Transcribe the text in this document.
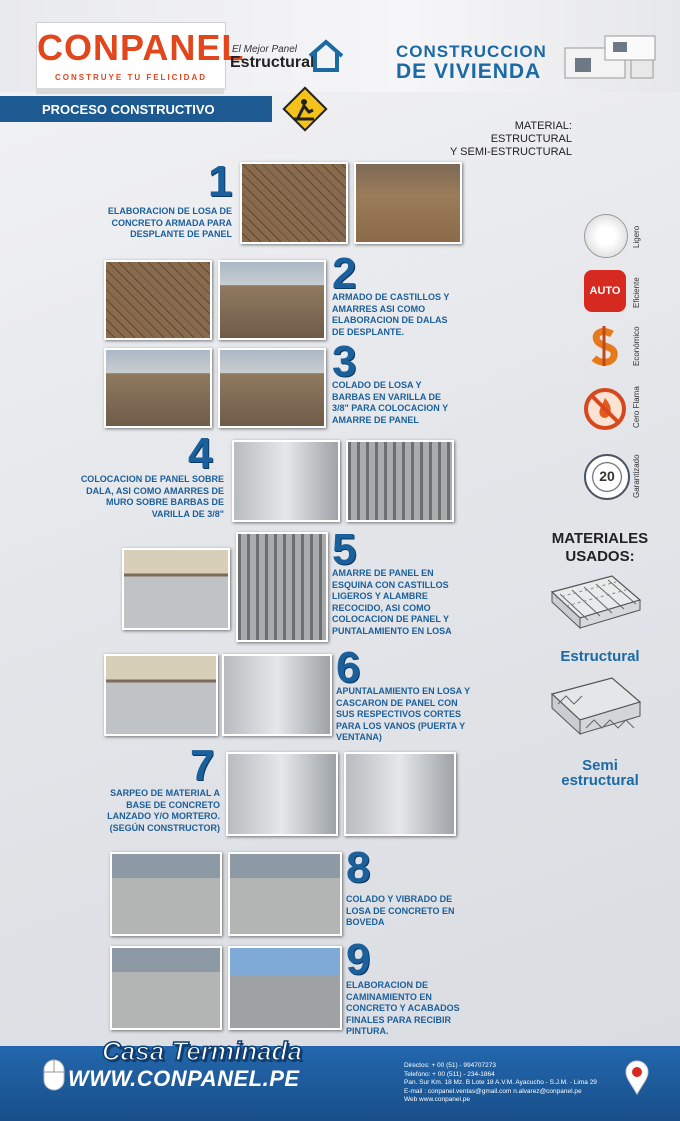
CONPANEL
CONSTRUYE TU FELICIDAD
El Mejor Panel
Estructural
CONSTRUCCION
DE VIVIENDA
PROCESO CONSTRUCTIVO
MATERIAL:
ESTRUCTURAL
Y SEMI-ESTRUCTURAL
1
ELABORACION DE LOSA DE CONCRETO ARMADA PARA DESPLANTE DE PANEL
2
ARMADO DE CASTILLOS Y AMARRES ASI COMO ELABORACION DE DALAS DE DESPLANTE.
3
COLADO DE LOSA Y BARBAS EN VARILLA DE 3/8" PARA COLOCACION Y AMARRE DE PANEL
4
COLOCACION DE PANEL SOBRE DALA, ASI COMO AMARRES DE MURO SOBRE BARBAS DE VARILLA DE 3/8"
5
AMARRE DE PANEL EN ESQUINA CON CASTILLOS LIGEROS Y ALAMBRE RECOCIDO, ASI COMO COLOCACION DE PANEL Y PUNTALAMIENTO EN LOSA
6
APUNTALAMIENTO EN LOSA Y CASCARON DE PANEL CON SUS RESPECTIVOS CORTES PARA LOS VANOS (PUERTA Y VENTANA)
7
SARPEO DE MATERIAL A BASE DE CONCRETO LANZADO Y/O MORTERO. (SEGÚN CONSTRUCTOR)
8
COLADO Y VIBRADO DE LOSA DE CONCRETO EN BOVEDA
9
ELABORACION DE CAMINAMIENTO EN CONCRETO Y ACABADOS FINALES PARA RECIBIR PINTURA.
Ligero
AUTO	Eficiente
Económico
Cero Flama
20	Garantizado
MATERIALES
USADOS:
Estructural
Semi
estructural
Casa Terminada
WWW.CONPANEL.PE
Directos: + 00 (51) - 994707273
Telefono: + 00 (511) - 234-1864
Pan. Sur Km. 18 Mz. B Lote 18 A.V.M. Ayacucho - S.J.M. - Lima 29
E-mail : conpanel.ventas@gmail.com n.alvarez@conpanel.pe
Web www.conpanel.pe
